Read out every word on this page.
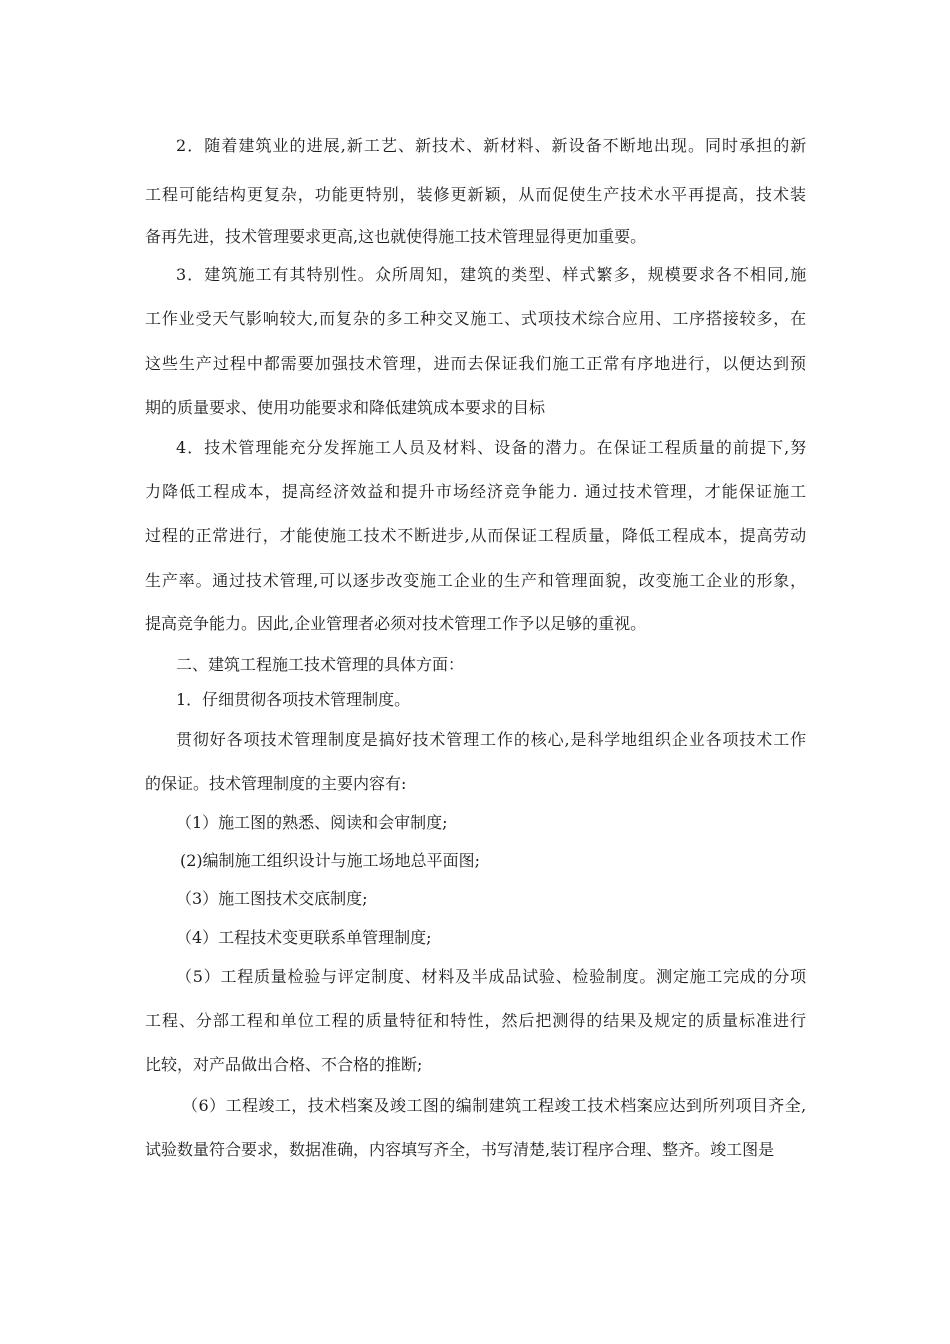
2．随着建筑业的进展,新工艺、新技术、新材料、新设备不断地出现。同时承担的新
工程可能结构更复杂，功能更特别，装修更新颖，从而促使生产技术水平再提高，技术装
备再先进，技术管理要求更高,这也就使得施工技术管理显得更加重要。
3．建筑施工有其特别性。众所周知，建筑的类型、样式繁多，规模要求各不相同,施
工作业受天气影响较大,而复杂的多工种交叉施工、式项技术综合应用、工序搭接较多，在
这些生产过程中都需要加强技术管理，进而去保证我们施工正常有序地进行，以便达到预
期的质量要求、使用功能要求和降低建筑成本要求的目标
4．技术管理能充分发挥施工人员及材料、设备的潜力。在保证工程质量的前提下,努
力降低工程成本，提高经济效益和提升市场经济竞争能力. 通过技术管理，才能保证施工
过程的正常进行，才能使施工技术不断进步,从而保证工程质量，降低工程成本，提高劳动
生产率。通过技术管理,可以逐步改变施工企业的生产和管理面貌，改变施工企业的形象，
提高竞争能力。因此,企业管理者必须对技术管理工作予以足够的重视。
二、建筑工程施工技术管理的具体方面：
1．仔细贯彻各项技术管理制度。
贯彻好各项技术管理制度是搞好技术管理工作的核心,是科学地组织企业各项技术工作
的保证。技术管理制度的主要内容有:
（1）施工图的熟悉、阅读和会审制度;
(2)编制施工组织设计与施工场地总平面图;
（3）施工图技术交底制度;
（4）工程技术变更联系单管理制度;
（5）工程质量检验与评定制度、材料及半成品试验、检验制度。测定施工完成的分项
工程、分部工程和单位工程的质量特征和特性，然后把测得的结果及规定的质量标准进行
比较，对产品做出合格、不合格的推断;
（6）工程竣工，技术档案及竣工图的编制建筑工程竣工技术档案应达到所列项目齐全,
试验数量符合要求，数据准确，内容填写齐全，书写清楚,装订程序合理、整齐。竣工图是
